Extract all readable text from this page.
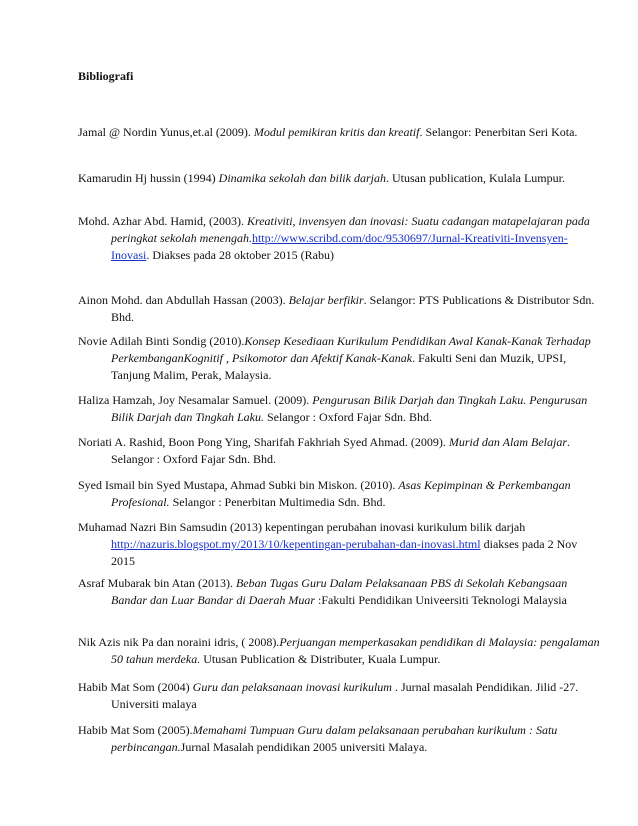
Bibliografi
Jamal @ Nordin Yunus,et.al (2009). Modul pemikiran kritis dan kreatif. Selangor: Penerbitan Seri Kota.
Kamarudin Hj hussin (1994) Dinamika sekolah dan bilik darjah. Utusan publication, Kulala Lumpur.
Mohd. Azhar Abd. Hamid, (2003). Kreativiti, invensyen dan inovasi: Suatu cadangan matapelajaran pada peringkat sekolah menengah.http://www.scribd.com/doc/9530697/Jurnal-Kreativiti-Invensyen-Inovasi. Diakses pada 28 oktober 2015 (Rabu)
Ainon Mohd. dan Abdullah Hassan (2003). Belajar berfikir. Selangor: PTS Publications & Distributor Sdn. Bhd.
Novie Adilah Binti Sondig (2010).Konsep Kesediaan Kurikulum Pendidikan Awal Kanak-Kanak Terhadap PerkembanganKognitif , Psikomotor dan Afektif Kanak-Kanak. Fakulti Seni dan Muzik, UPSI, Tanjung Malim, Perak, Malaysia.
Haliza Hamzah, Joy Nesamalar Samuel. (2009). Pengurusan Bilik Darjah dan Tingkah Laku. Pengurusan Bilik Darjah dan Tingkah Laku. Selangor : Oxford Fajar Sdn. Bhd.
Noriati A. Rashid, Boon Pong Ying, Sharifah Fakhriah Syed Ahmad. (2009). Murid dan Alam Belajar. Selangor : Oxford Fajar Sdn. Bhd.
Syed Ismail bin Syed Mustapa, Ahmad Subki bin Miskon. (2010). Asas Kepimpinan & Perkembangan Profesional. Selangor : Penerbitan Multimedia Sdn. Bhd.
Muhamad Nazri Bin Samsudin (2013) kepentingan perubahan inovasi kurikulum bilik darjah http://nazuris.blogspot.my/2013/10/kepentingan-perubahan-dan-inovasi.html diakses pada 2 Nov 2015
Asraf Mubarak bin Atan (2013). Beban Tugas Guru Dalam Pelaksanaan PBS di Sekolah Kebangsaan Bandar dan Luar Bandar di Daerah Muar :Fakulti Pendidikan Univeersiti Teknologi Malaysia
Nik Azis nik Pa dan noraini idris, ( 2008).Perjuangan memperkasakan pendidikan di Malaysia: pengalaman 50 tahun merdeka. Utusan Publication & Distributer, Kuala Lumpur.
Habib Mat Som (2004) Guru dan pelaksanaan inovasi kurikulum . Jurnal masalah Pendidikan. Jilid -27. Universiti malaya
Habib Mat Som (2005).Memahami Tumpuan Guru dalam pelaksanaan perubahan kurikulum : Satu perbincangan.Jurnal Masalah pendidikan 2005 universiti Malaya.
